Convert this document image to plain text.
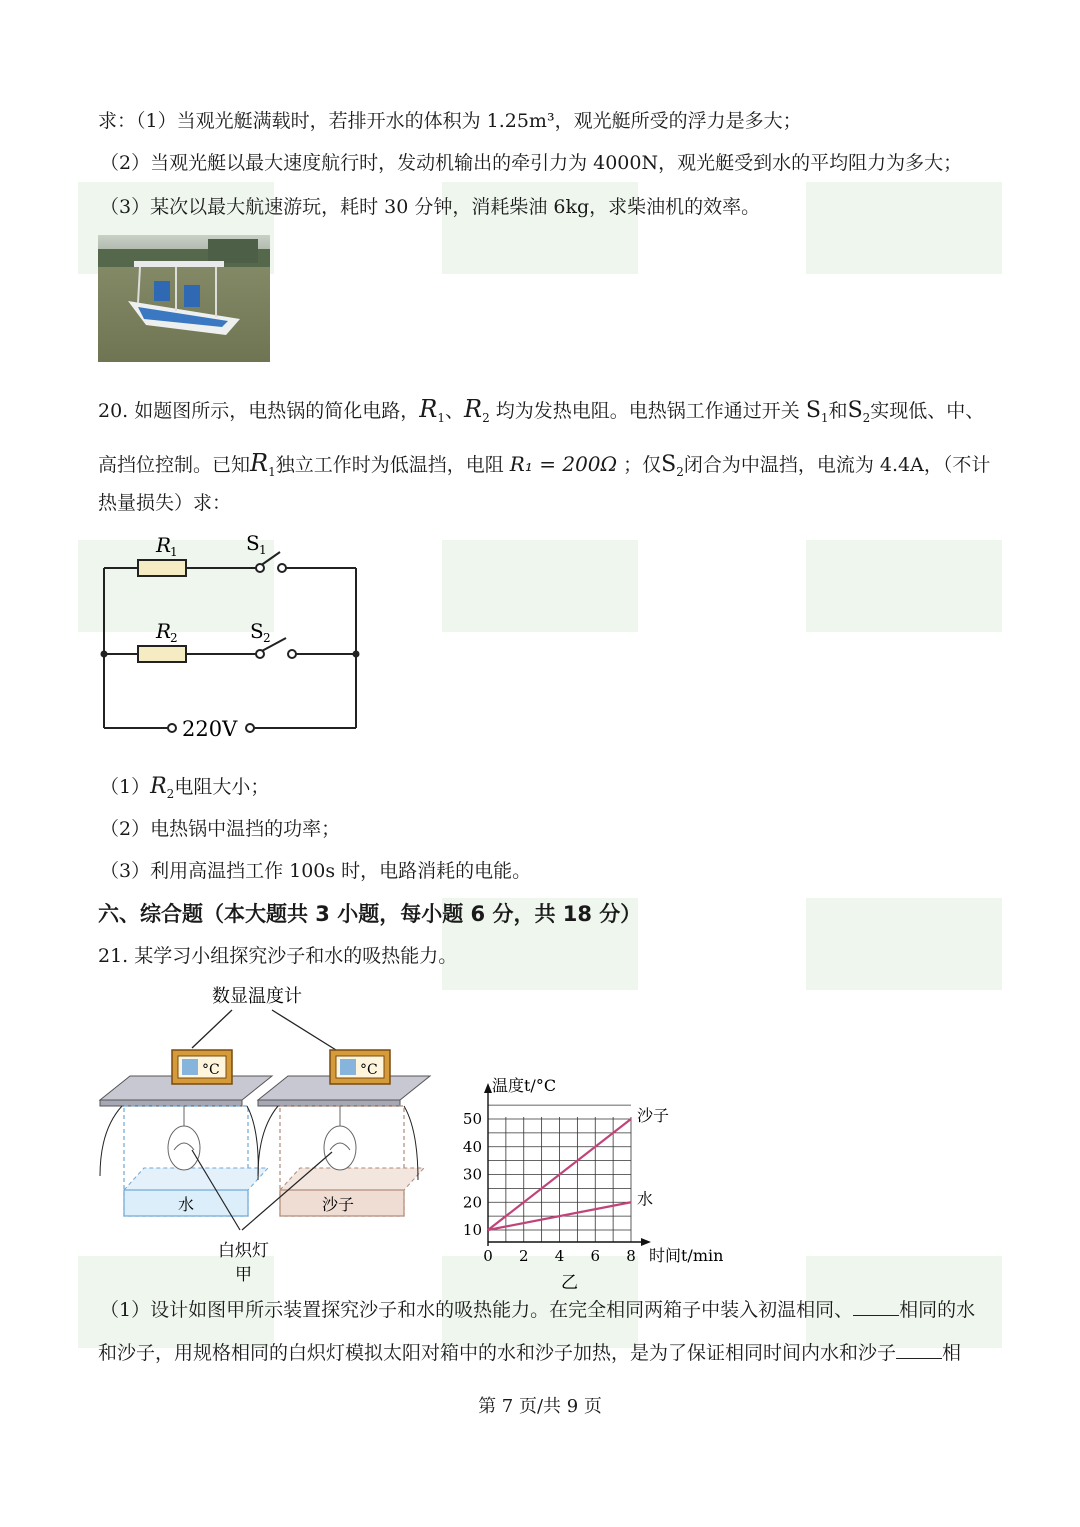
求：（1）当观光艇满载时，若排开水的体积为 1.25m³，观光艇所受的浮力是多大；
（2）当观光艇以最大速度航行时，发动机输出的牵引力为 4000N，观光艇受到水的平均阻力为多大；
（3）某次以最大航速游玩，耗时 30 分钟，消耗柴油 6kg，求柴油机的效率。
20. 如题图所示，电热锅的简化电路，$R_1$、$R_2$ 均为发热电阻。电热锅工作通过开关 $S_1$和$S_2$实现低、中、
高挡位控制。已知$R_1$独立工作时为低温挡，电阻 R₁ = 200Ω ；仅$S_2$闭合为中温挡，电流为 4.4A，（不计
热量损失）求：
R
1	S 1
R
2	S 2
220V
$(1)R_2$电阻大小；
（2）电热锅中温挡的功率；
（3）利用高温挡工作 100s 时，电路消耗的电能。
六、综合题（本大题共 3 小题，每小题 6 分，共 18 分）
21. 某学习小组探究沙子和水的吸热能力。
数显温度计
°C
水
°C
沙子
白炽灯
甲
0 2 4 6 8
10
20
30
40
50
温度t/°C
时间t/min
沙子
水
乙
（1）设计如图甲所示装置探究沙子和水的吸热能力。在完全相同两箱子中装入初温相同、 相同的水
和沙子，用规格相同的白炽灯模拟太阳对箱中的水和沙子加热，是为了保证相同时间内水和沙子 相
第 7 页/共 9 页
